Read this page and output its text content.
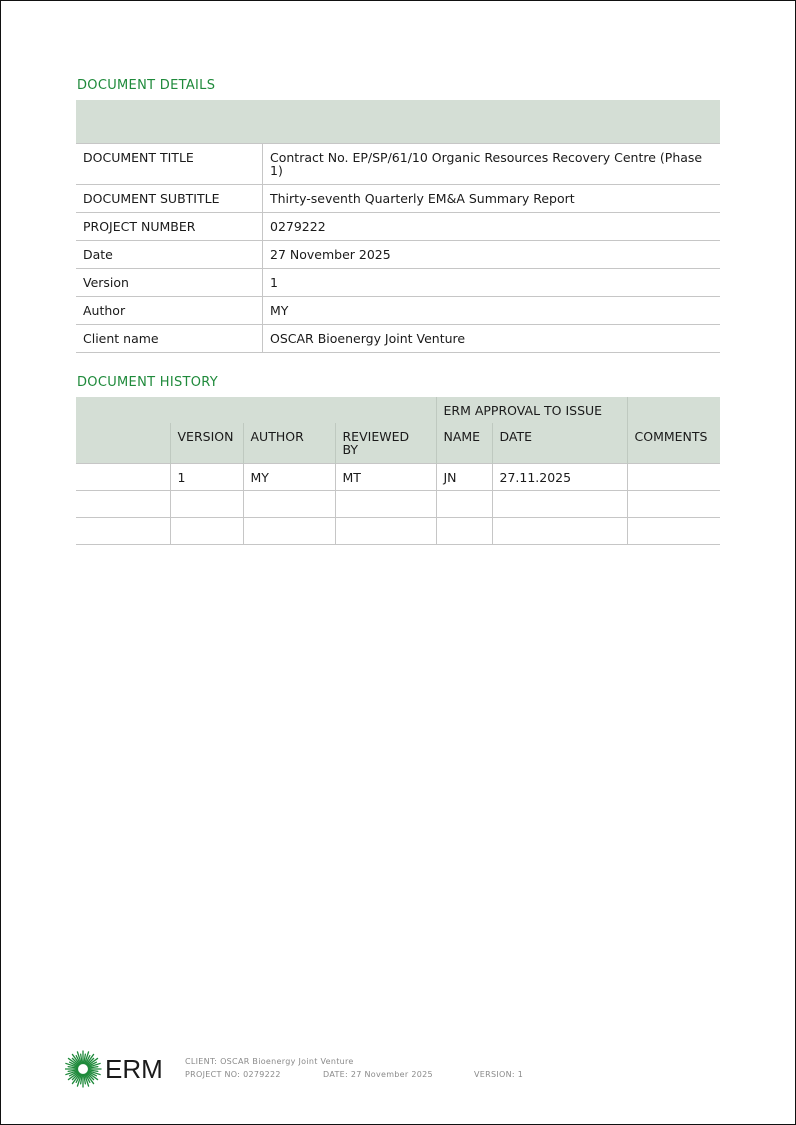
DOCUMENT DETAILS

DOCUMENT TITLE	Contract No. EP/SP/61/10 Organic Resources Recovery Centre (Phase 1)
DOCUMENT SUBTITLE	Thirty-seventh Quarterly EM&A Summary Report
PROJECT NUMBER	0279222
Date	27 November 2025
Version	1
Author	MY
Client name	OSCAR Bioenergy Joint Venture
DOCUMENT HISTORY
				ERM APPROVAL TO ISSUE		
	VERSION	AUTHOR	REVIEWED BY	NAME	DATE	COMMENTS
	1	MY	MT	JN	27.11.2025	

ERM	CLIENT: OSCAR Bioenergy Joint Venture
PROJECT NO: 0279222	DATE: 27 November 2025	VERSION: 1
